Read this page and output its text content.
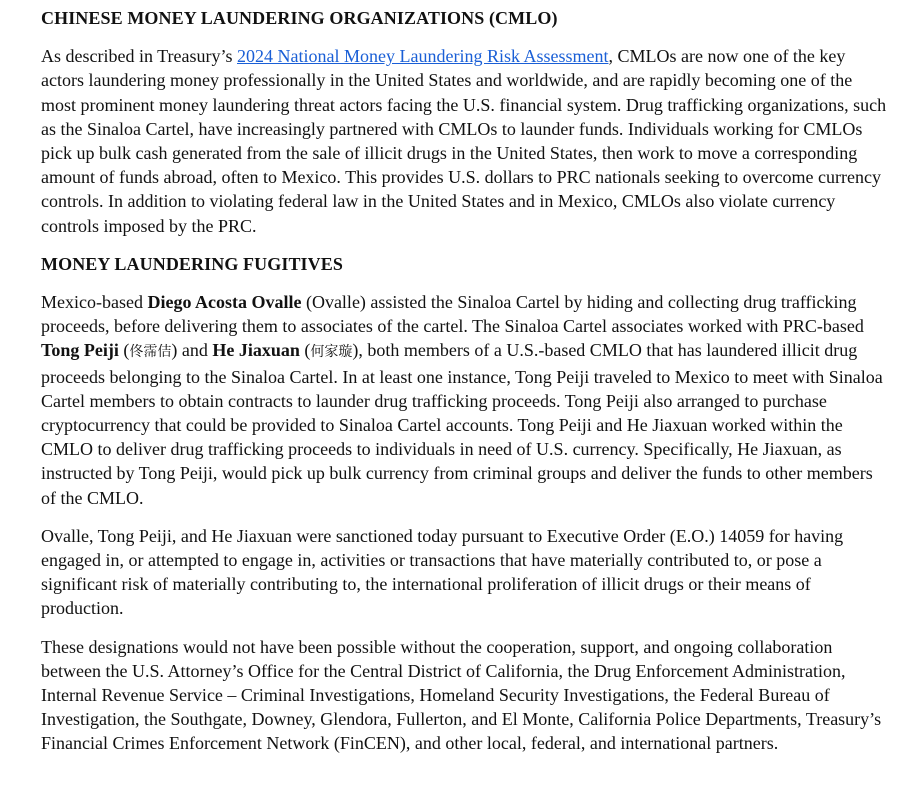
CHINESE MONEY LAUNDERING ORGANIZATIONS (CMLO)

As described in Treasury’s 2024 National Money Laundering Risk Assessment, CMLOs are now one of the key actors laundering money professionally in the United States and worldwide, and are rapidly becoming one of the most prominent money laundering threat actors facing the U.S. financial system. Drug trafficking organizations, such as the Sinaloa Cartel, have increasingly partnered with CMLOs to launder funds. Individuals working for CMLOs pick up bulk cash generated from the sale of illicit drugs in the United States, then work to move a corresponding amount of funds abroad, often to Mexico. This provides U.S. dollars to PRC nationals seeking to overcome currency controls. In addition to violating federal law in the United States and in Mexico, CMLOs also violate currency controls imposed by the PRC.

MONEY LAUNDERING FUGITIVES

Mexico-based Diego Acosta Ovalle (Ovalle) assisted the Sinaloa Cartel by hiding and collecting drug trafficking proceeds, before delivering them to associates of the cartel. The Sinaloa Cartel associates worked with PRC-based Tong Peiji (佟霈佶) and He Jiaxuan (何家璇), both members of a U.S.-based CMLO that has laundered illicit drug proceeds belonging to the Sinaloa Cartel. In at least one instance, Tong Peiji traveled to Mexico to meet with Sinaloa Cartel members to obtain contracts to launder drug trafficking proceeds. Tong Peiji also arranged to purchase cryptocurrency that could be provided to Sinaloa Cartel accounts. Tong Peiji and He Jiaxuan worked within the CMLO to deliver drug trafficking proceeds to individuals in need of U.S. currency. Specifically, He Jiaxuan, as instructed by Tong Peiji, would pick up bulk currency from criminal groups and deliver the funds to other members of the CMLO.

Ovalle, Tong Peiji, and He Jiaxuan were sanctioned today pursuant to Executive Order (E.O.) 14059 for having engaged in, or attempted to engage in, activities or transactions that have materially contributed to, or pose a significant risk of materially contributing to, the international proliferation of illicit drugs or their means of production.

These designations would not have been possible without the cooperation, support, and ongoing collaboration between the U.S. Attorney’s Office for the Central District of California, the Drug Enforcement Administration, Internal Revenue Service – Criminal Investigations, Homeland Security Investigations, the Federal Bureau of Investigation, the Southgate, Downey, Glendora, Fullerton, and El Monte, California Police Departments, Treasury’s Financial Crimes Enforcement Network (FinCEN), and other local, federal, and international partners.
